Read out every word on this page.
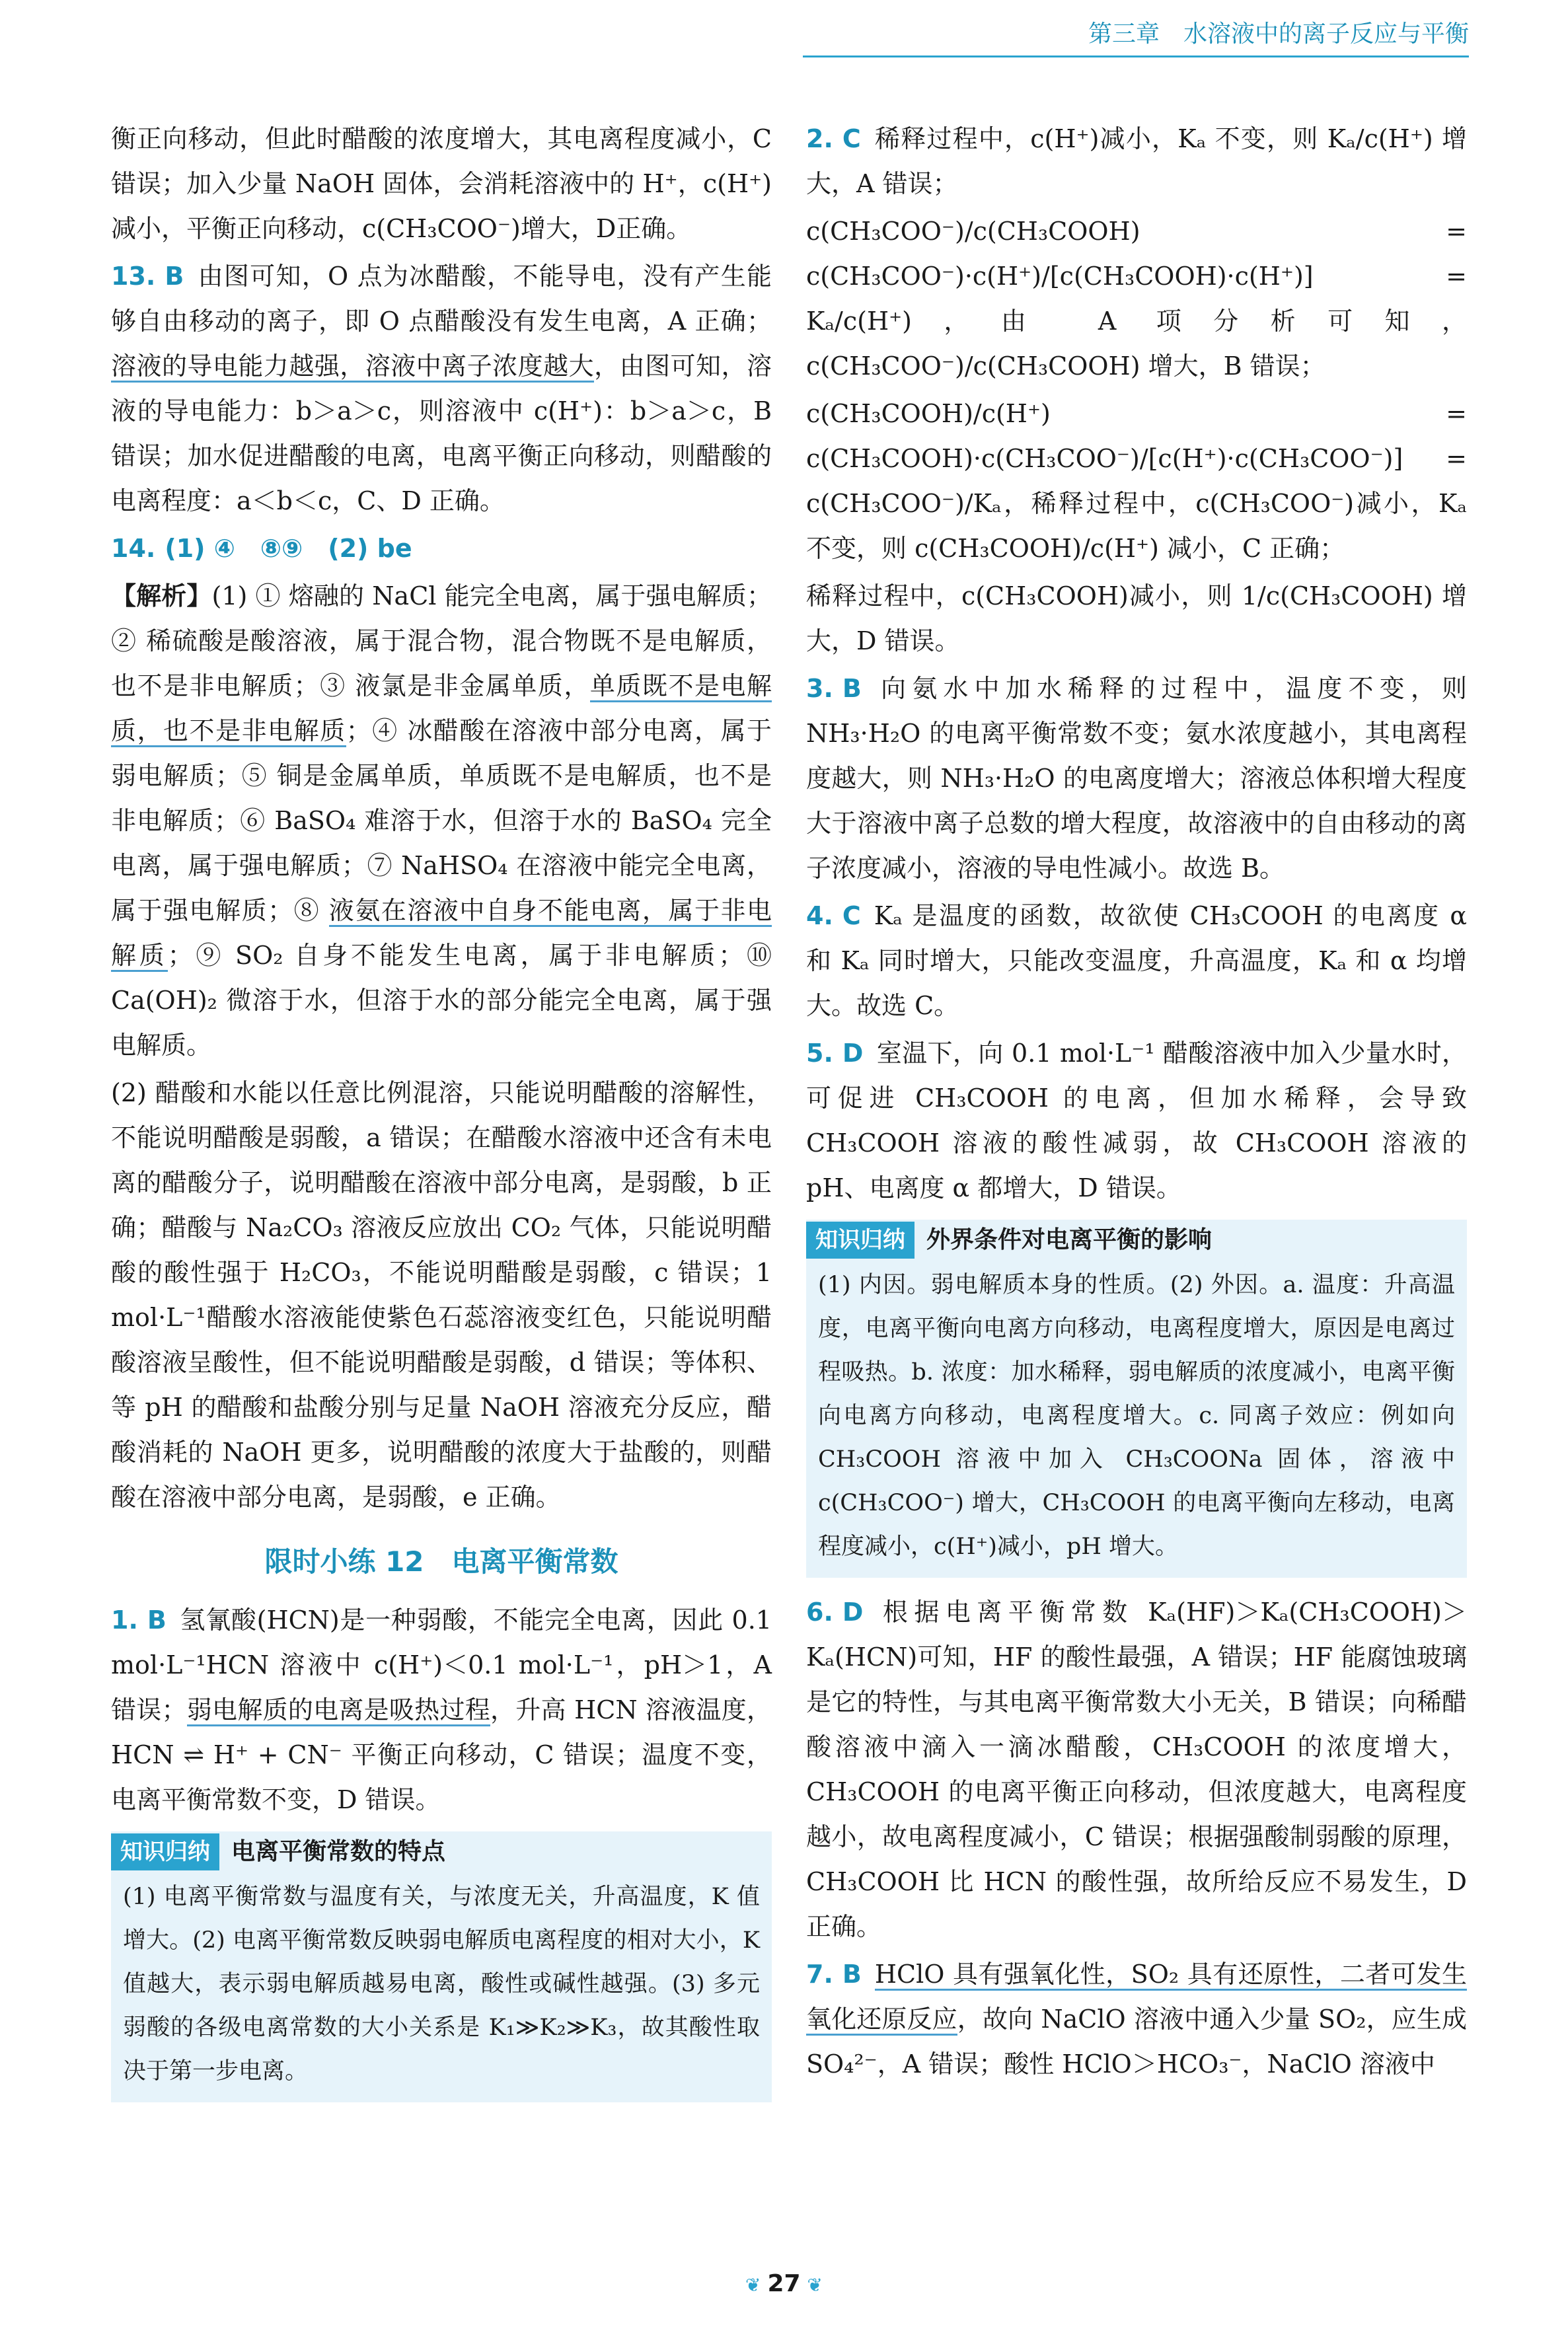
第三章　水溶液中的离子反应与平衡

衡正向移动，但此时醋酸的浓度增大，其电离程度减小，C错误；加入少量 NaOH 固体，会消耗溶液中的 H⁺，c(H⁺)减小，平衡正向移动，c(CH₃COO⁻)增大，D正确。

13. B 由图可知，O 点为冰醋酸，不能导电，没有产生能够自由移动的离子，即 O 点醋酸没有发生电离，A 正确；溶液的导电能力越强，溶液中离子浓度越大，由图可知，溶液的导电能力：b＞a＞c，则溶液中 c(H⁺)：b＞a＞c，B 错误；加水促进醋酸的电离，电离平衡正向移动，则醋酸的电离程度：a＜b＜c，C、D 正确。

14. (1) ④　⑧⑨　(2) be

【解析】(1) ① 熔融的 NaCl 能完全电离，属于强电解质；② 稀硫酸是酸溶液，属于混合物，混合物既不是电解质，也不是非电解质；③ 液氯是非金属单质，单质既不是电解质，也不是非电解质；④ 冰醋酸在溶液中部分电离，属于弱电解质；⑤ 铜是金属单质，单质既不是电解质，也不是非电解质；⑥ BaSO₄ 难溶于水，但溶于水的 BaSO₄ 完全电离，属于强电解质；⑦ NaHSO₄ 在溶液中能完全电离，属于强电解质；⑧ 液氨在溶液中自身不能电离，属于非电解质；⑨ SO₂ 自身不能发生电离，属于非电解质；⑩ Ca(OH)₂ 微溶于水，但溶于水的部分能完全电离，属于强电解质。

(2) 醋酸和水能以任意比例混溶，只能说明醋酸的溶解性，不能说明醋酸是弱酸，a 错误；在醋酸水溶液中还含有未电离的醋酸分子，说明醋酸在溶液中部分电离，是弱酸，b 正确；醋酸与 Na₂CO₃ 溶液反应放出 CO₂ 气体，只能说明醋酸的酸性强于 H₂CO₃，不能说明醋酸是弱酸，c 错误；1 mol·L⁻¹醋酸水溶液能使紫色石蕊溶液变红色，只能说明醋酸溶液呈酸性，但不能说明醋酸是弱酸，d 错误；等体积、等 pH 的醋酸和盐酸分别与足量 NaOH 溶液充分反应，醋酸消耗的 NaOH 更多，说明醋酸的浓度大于盐酸的，则醋酸在溶液中部分电离，是弱酸，e 正确。

限时小练 12　电离平衡常数

1. B 氢氰酸(HCN)是一种弱酸，不能完全电离，因此 0.1 mol·L⁻¹HCN 溶液中 c(H⁺)＜0.1 mol·L⁻¹，pH＞1，A 错误；弱电解质的电离是吸热过程，升高 HCN 溶液温度，HCN ⇌ H⁺ + CN⁻ 平衡正向移动，C 错误；温度不变，电离平衡常数不变，D 错误。

知识归纳 电离平衡常数的特点
(1) 电离平衡常数与温度有关，与浓度无关，升高温度，K 值增大。(2) 电离平衡常数反映弱电解质电离程度的相对大小，K 值越大，表示弱电解质越易电离，酸性或碱性越强。(3) 多元弱酸的各级电离常数的大小关系是 K₁≫K₂≫K₃，故其酸性取决于第一步电离。

2. C 稀释过程中，c(H⁺)减小，Kₐ 不变，则 Kₐ/c(H⁺) 增大，A 错误；

c(CH₃COO⁻)/c(CH₃COOH) = c(CH₃COO⁻)·c(H⁺)/[c(CH₃COOH)·c(H⁺)] = Kₐ/c(H⁺)，由 A 项分析可知，c(CH₃COO⁻)/c(CH₃COOH) 增大，B 错误；

c(CH₃COOH)/c(H⁺) = c(CH₃COOH)·c(CH₃COO⁻)/[c(H⁺)·c(CH₃COO⁻)] = c(CH₃COO⁻)/Kₐ，稀释过程中，c(CH₃COO⁻)减小，Kₐ 不变，则 c(CH₃COOH)/c(H⁺) 减小，C 正确；

稀释过程中，c(CH₃COOH)减小，则 1/c(CH₃COOH) 增大，D 错误。

3. B 向氨水中加水稀释的过程中，温度不变，则 NH₃·H₂O 的电离平衡常数不变；氨水浓度越小，其电离程度越大，则 NH₃·H₂O 的电离度增大；溶液总体积增大程度大于溶液中离子总数的增大程度，故溶液中的自由移动的离子浓度减小，溶液的导电性减小。故选 B。

4. C Kₐ 是温度的函数，故欲使 CH₃COOH 的电离度 α 和 Kₐ 同时增大，只能改变温度，升高温度，Kₐ 和 α 均增大。故选 C。

5. D 室温下，向 0.1 mol·L⁻¹ 醋酸溶液中加入少量水时，可促进 CH₃COOH 的电离，但加水稀释，会导致 CH₃COOH 溶液的酸性减弱，故 CH₃COOH 溶液的 pH、电离度 α 都增大，D 错误。

知识归纳 外界条件对电离平衡的影响
(1) 内因。弱电解质本身的性质。(2) 外因。a. 温度：升高温度，电离平衡向电离方向移动，电离程度增大，原因是电离过程吸热。b. 浓度：加水稀释，弱电解质的浓度减小，电离平衡向电离方向移动，电离程度增大。c. 同离子效应：例如向 CH₃COOH 溶液中加入 CH₃COONa 固体，溶液中 c(CH₃COO⁻) 增大，CH₃COOH 的电离平衡向左移动，电离程度减小，c(H⁺)减小，pH 增大。

6. D 根据电离平衡常数 Kₐ(HF)＞Kₐ(CH₃COOH)＞Kₐ(HCN)可知，HF 的酸性最强，A 错误；HF 能腐蚀玻璃是它的特性，与其电离平衡常数大小无关，B 错误；向稀醋酸溶液中滴入一滴冰醋酸，CH₃COOH 的浓度增大，CH₃COOH 的电离平衡正向移动，但浓度越大，电离程度越小，故电离程度减小，C 错误；根据强酸制弱酸的原理，CH₃COOH 比 HCN 的酸性强，故所给反应不易发生，D 正确。

7. B HClO 具有强氧化性，SO₂ 具有还原性，二者可发生氧化还原反应，故向 NaClO 溶液中通入少量 SO₂，应生成 SO₄²⁻，A 错误；酸性 HClO＞HCO₃⁻，NaClO 溶液中

❦ 27 ❦
